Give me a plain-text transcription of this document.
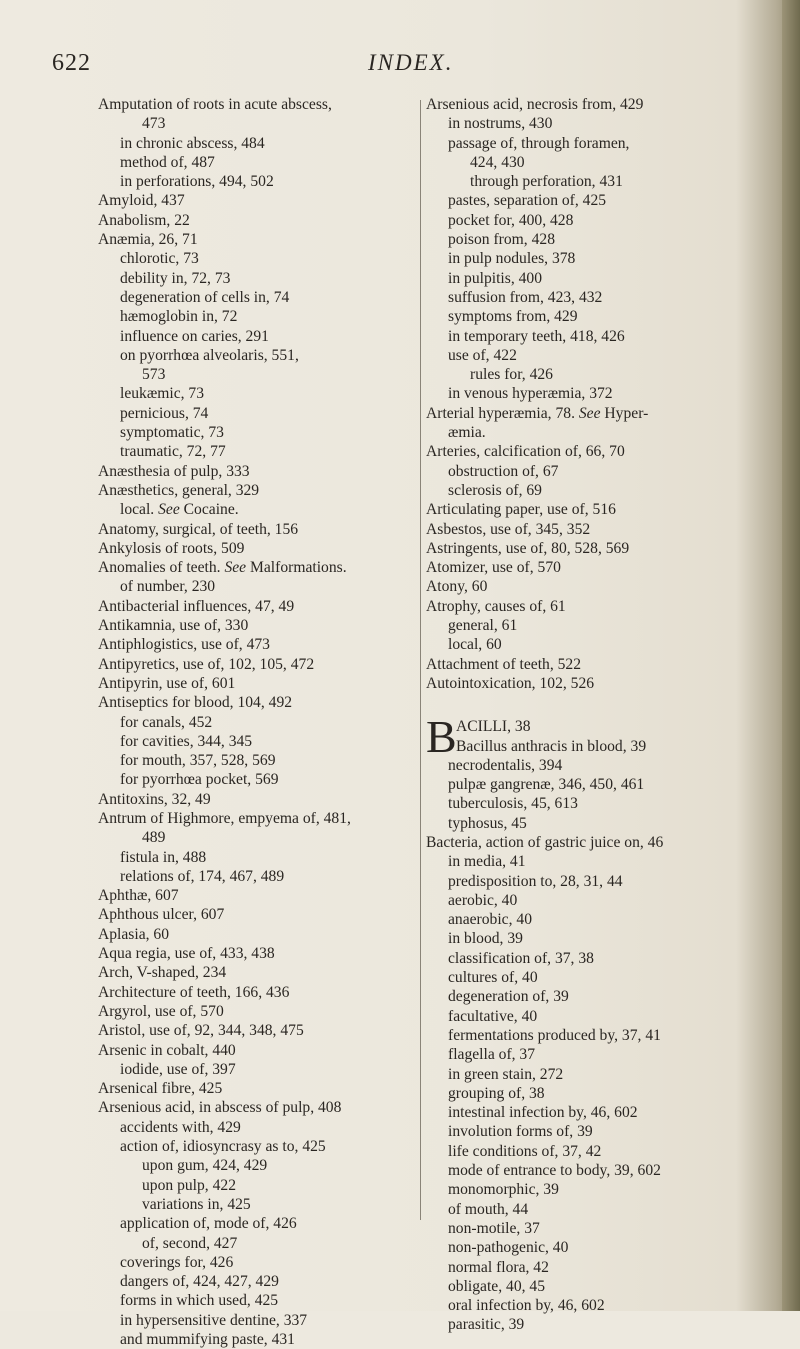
622	INDEX.
Amputation of roots in acute abscess,
473
in chronic abscess, 484
method of, 487
in perforations, 494, 502
Amyloid, 437
Anabolism, 22
Anæmia, 26, 71
chlorotic, 73
debility in, 72, 73
degeneration of cells in, 74
hæmoglobin in, 72
influence on caries, 291
on pyorrhœa alveolaris, 551,
573
leukæmic, 73
pernicious, 74
symptomatic, 73
traumatic, 72, 77
Anæsthesia of pulp, 333
Anæsthetics, general, 329
local. See Cocaine.
Anatomy, surgical, of teeth, 156
Ankylosis of roots, 509
Anomalies of teeth. See Malformations.
of number, 230
Antibacterial influences, 47, 49
Antikamnia, use of, 330
Antiphlogistics, use of, 473
Antipyretics, use of, 102, 105, 472
Antipyrin, use of, 601
Antiseptics for blood, 104, 492
for canals, 452
for cavities, 344, 345
for mouth, 357, 528, 569
for pyorrhœa pocket, 569
Antitoxins, 32, 49
Antrum of Highmore, empyema of, 481,
489
fistula in, 488
relations of, 174, 467, 489
Aphthæ, 607
Aphthous ulcer, 607
Aplasia, 60
Aqua regia, use of, 433, 438
Arch, V-shaped, 234
Architecture of teeth, 166, 436
Argyrol, use of, 570
Aristol, use of, 92, 344, 348, 475
Arsenic in cobalt, 440
iodide, use of, 397
Arsenical fibre, 425
Arsenious acid, in abscess of pulp, 408
accidents with, 429
action of, idiosyncrasy as to, 425
upon gum, 424, 429
upon pulp, 422
variations in, 425
application of, mode of, 426
of, second, 427
coverings for, 426
dangers of, 424, 427, 429
forms in which used, 425
in hypersensitive dentine, 337
and mummifying paste, 431
Arsenious acid, necrosis from, 429
in nostrums, 430
passage of, through foramen,
424, 430
through perforation, 431
pastes, separation of, 425
pocket for, 400, 428
poison from, 428
in pulp nodules, 378
in pulpitis, 400
suffusion from, 423, 432
symptoms from, 429
in temporary teeth, 418, 426
use of, 422
rules for, 426
in venous hyperæmia, 372
Arterial hyperæmia, 78. See Hyper-
æmia.
Arteries, calcification of, 66, 70
obstruction of, 67
sclerosis of, 69
Articulating paper, use of, 516
Asbestos, use of, 345, 352
Astringents, use of, 80, 528, 569
Atomizer, use of, 570
Atony, 60
Atrophy, causes of, 61
general, 61
local, 60
Attachment of teeth, 522
Autointoxication, 102, 526
B ACILLI, 38
Bacillus anthracis in blood, 39
necrodentalis, 394
pulpæ gangrenæ, 346, 450, 461
tuberculosis, 45, 613
typhosus, 45
Bacteria, action of gastric juice on, 46
in media, 41
predisposition to, 28, 31, 44
aerobic, 40
anaerobic, 40
in blood, 39
classification of, 37, 38
cultures of, 40
degeneration of, 39
facultative, 40
fermentations produced by, 37, 41
flagella of, 37
in green stain, 272
grouping of, 38
intestinal infection by, 46, 602
involution forms of, 39
life conditions of, 37, 42
mode of entrance to body, 39, 602
monomorphic, 39
of mouth, 44
non-motile, 37
non-pathogenic, 40
normal flora, 42
obligate, 40, 45
oral infection by, 46, 602
parasitic, 39
